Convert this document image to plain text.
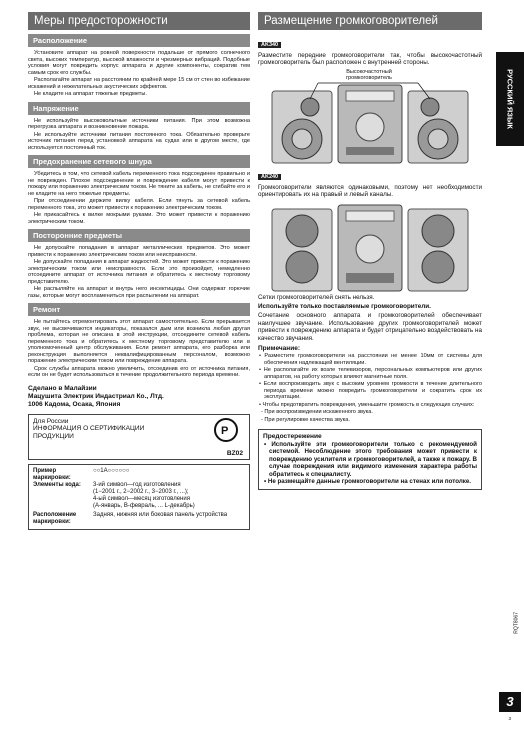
Меры предосторожности
Расположение

Установите аппарат на ровной поверхности подальше от прямого солнечного света, высоких температур, высокой влажности и чрезмерных вибраций. Подобные условия могут повредить корпус аппарата и другие компоненты, сократив тем самым срок его службы.

Располагайте аппарат на расстоянии по крайней мере 15 см от стен во избежание искажений и нежелательных акустических эффектов.

Не кладите на аппарат тяжелые предметы.

Напряжение

Не используйте высоковольтные источники питания. При этом возможна перегрузка аппарата и возникновение пожара.

Не используйте источники питания постоянного тока. Обязательно проверьте источник питания перед установкой аппарата на судах или в другом месте, где используется постоянный ток.

Предохранение сетевого шнура

Убедитесь в том, что сетевой кабель переменного тока подсоединен правильно и не поврежден. Плохое подсоединение и повреждение кабеля могут привести к пожару или поражению электрическим током. Не тяните за кабель, не сгибайте его и не кладите на него тяжелые предметы.

При отсоединении держите вилку кабеля. Если тянуть за сетевой кабель переменного тока, это может привести к поражению электрическим током.

Не прикасайтесь к вилке мокрыми руками. Это может привести к поражению электрическим током.

Посторонние предметы

Не допускайте попадания в аппарат металлических предметов. Это может привести к поражению электрическим током или неисправности.

Не допускайте попадания в аппарат жидкостей. Это может привести к поражению электрическим током или неисправности. Если это произойдет, немедленно отсоедините аппарат от источника питания и обратитесь к местному торговому представителю.

Не распыляйте на аппарат и внутрь него инсектициды. Они содержат горючие газы, которые могут воспламениться при распылении на аппарат.

Ремонт

Не пытайтесь отремонтировать этот аппарат самостоятельно. Если прерывается звук, не высвечиваются индикаторы, показался дым или возникла любая другая проблема, которая не описана в этой инструкции, отсоедините сетевой кабель переменного тока и обратитесь к местному торговому представителю или в уполномоченный центр обслуживания. Если ремонт аппарата, его разборка или реконструкция выполняется неквалифицированным персоналом, возможно поражение электрическим током или повреждение аппарата.

Срок службы аппарата можно увеличить, отсоединив его от источника питания, если он не будет использоваться в течение продолжительного периода времени.

Сделано в Малайзии
Мацушита Электрик Индастриал Ко., Лтд.
1006 Кадома, Осака, Япония
Для России
ИНФОРМАЦИЯ О СЕРТИФИКАЦИИ ПРОДУКЦИИ	Р
BZ02
Пример маркировки:
○○1А○○○○○○
Элементы кода:	3-ий символ—год изготовления
(1−2001 г., 2−2002 г., 3−2003 г., ...);
4-ый символ—месяц изготовления
(А-январь, В-февраль, ... L-декабрь)
Расположение маркировки:
Задняя, нижняя или боковая панель устройства
Размещение громкоговорителей
AK340

Разместите передние громкоговорители так, чтобы высокочастотный громкоговоритель был расположен с внутренней стороны.

Высокочастотный громкоговоритель
AK240

Громкоговорители являются одинаковыми, поэтому нет необходимости ориентировать их на правый и левый каналы.

Сетки громкоговорителей снять нельзя.

Используйте только поставляемые громкоговорители.

Сочетание основного аппарата и громкоговорителей обеспечивает наилучшее звучание. Использование других громкоговорителей может привести к повреждению аппарата и будет отрицательно воздействовать на качество звучания.

Примечание:

• Разместите громкоговорители на расстоянии не менее 10мм от системы для обеспечения надлежащей вентиляции.

• Не располагайте их возле телевизоров, персональных компьютеров или других аппаратов, на работу которых влияют магнитные поля.

• Если воспроизводить звук с высоким уровнем громкости в течение длительного периода времени можно повредить громкоговорители и сократить срок их эксплуатации.

• Чтобы предотвратить повреждения, уменьшите громкость в следующих случаях:

- При воспроизведении искаженного звука.

- При регулировке качества звука.

Предостережение
• Используйте эти громкоговорители только с рекомендуемой системой. Несоблюдение этого требования может привести к повреждению усилителя и громкоговорителей, а также к пожару. В случае повреждения или видимого изменения характера работы обратитесь к специалисту.
• Не размещайте данные громкоговорители на стенах или потолке.
РУССКИЙ ЯЗЫК
RQT8067
3
3
